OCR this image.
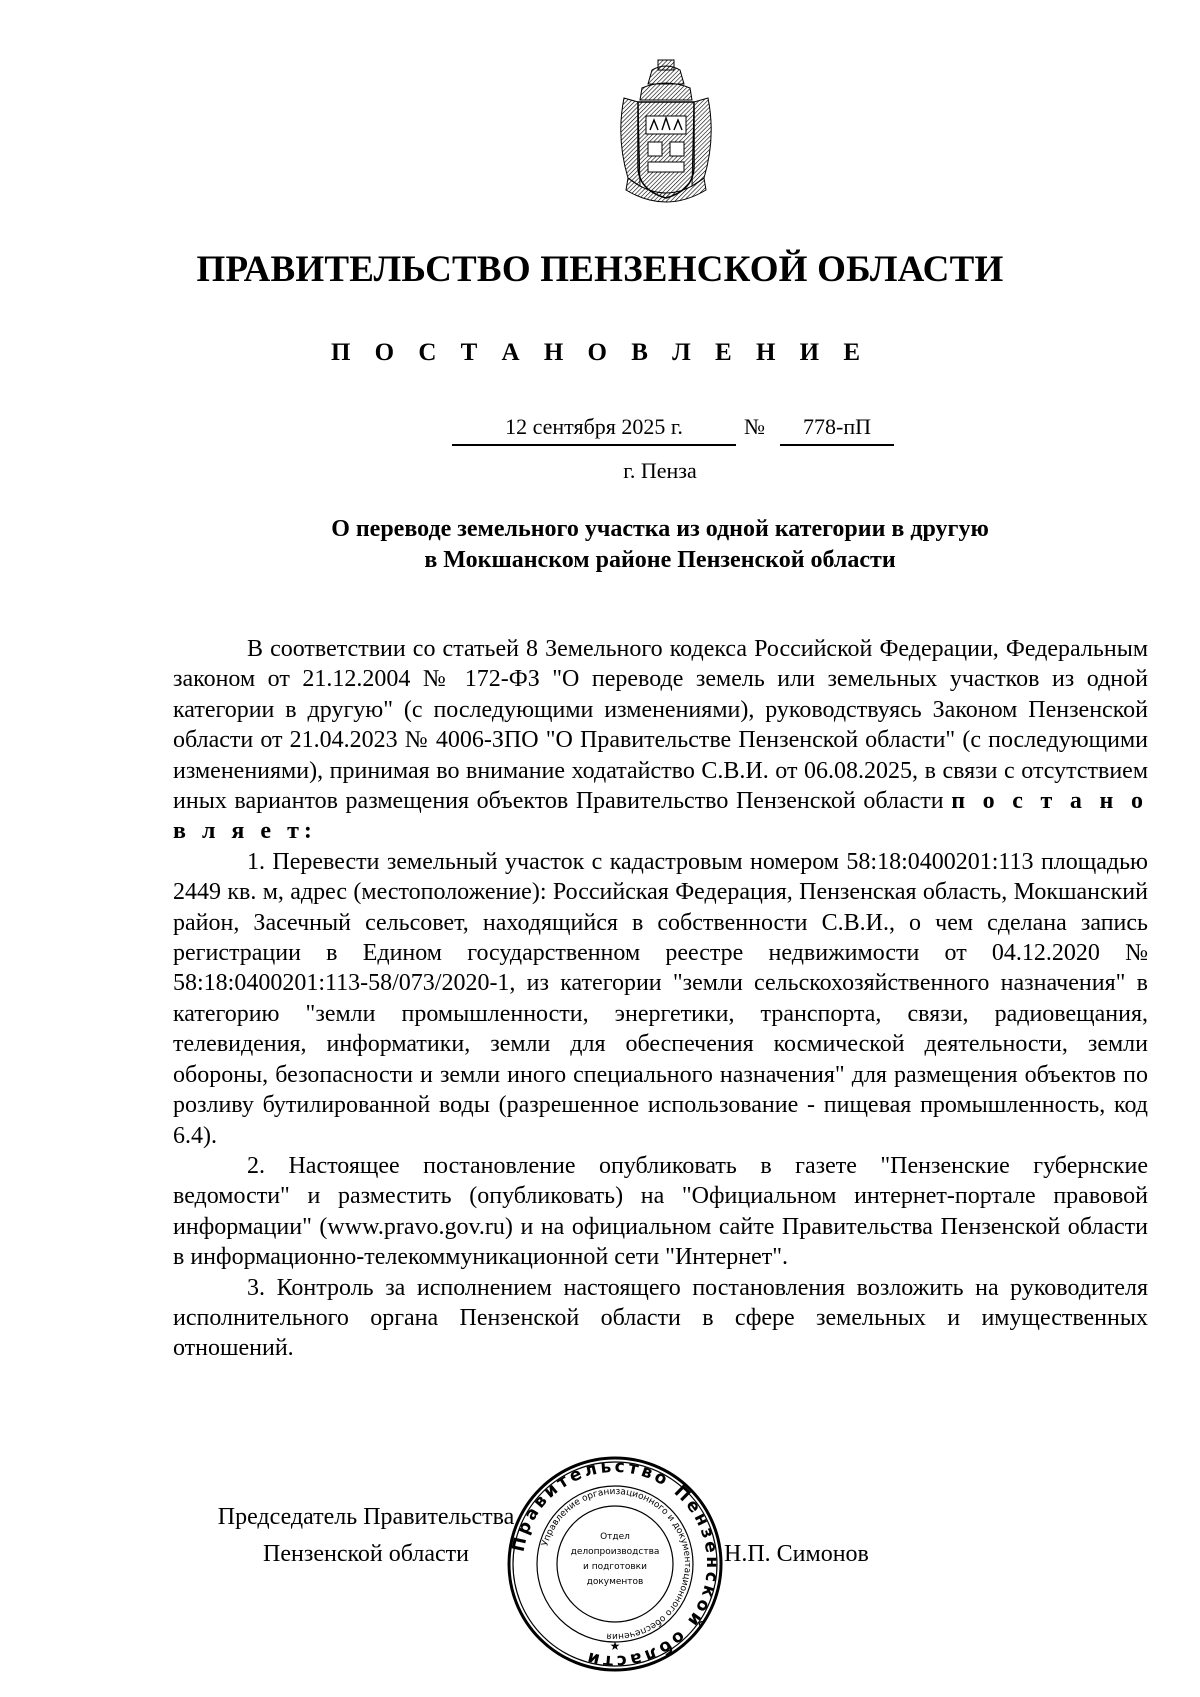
ПРАВИТЕЛЬСТВО ПЕНЗЕНСКОЙ ОБЛАСТИ
П О С Т А Н О В Л Е Н И Е
12 сентября 2025 г.	№	778-пП
г. Пенза
О переводе земельного участка из одной категории в другую
в Мокшанском районе Пензенской области

В соответствии со статьей 8 Земельного кодекса Российской Федерации, Федеральным законом от 21.12.2004 № 172-ФЗ "О переводе земель или земельных участков из одной категории в другую" (с последующими изменениями), руководствуясь Законом Пензенской области от 21.04.2023 № 4006-ЗПО "О Правительстве Пензенской области" (с последующими изменениями), принимая во внимание ходатайство С.В.И. от 06.08.2025, в связи с отсутствием иных вариантов размещения объектов Правительство Пензенской области п о с т а н о в л я е т:

1. Перевести земельный участок с кадастровым номером 58:18:0400201:113 площадью 2449 кв. м, адрес (местоположение): Российская Федерация, Пензенская область, Мокшанский район, Засечный сельсовет, находящийся в собственности С.В.И., о чем сделана запись регистрации в Едином государственном реестре недвижимости от 04.12.2020 № 58:18:0400201:113-58/073/2020-1, из категории "земли сельскохозяйственного назначения" в категорию "земли промышленности, энергетики, транспорта, связи, радиовещания, телевидения, информатики, земли для обеспечения космической деятельности, земли обороны, безопасности и земли иного специального назначения" для размещения объектов по розливу бутилированной воды (разрешенное использование - пищевая промышленность, код 6.4).

2. Настоящее постановление опубликовать в газете "Пензенские губернские ведомости" и разместить (опубликовать) на "Официальном интернет-портале правовой информации" (www.pravo.gov.ru) и на официальном сайте Правительства Пензенской области в информационно-телекоммуникационной сети "Интернет".

3. Контроль за исполнением настоящего постановления возложить на руководителя исполнительного органа Пензенской области в сфере земельных и имущественных отношений.

Председатель Правительства
Пензенской области	Н.П. Симонов
Правительство Пензенской области
Управление организационного и документационного обеспечения
Отдел
делопроизводства
и подготовки
документов
★
